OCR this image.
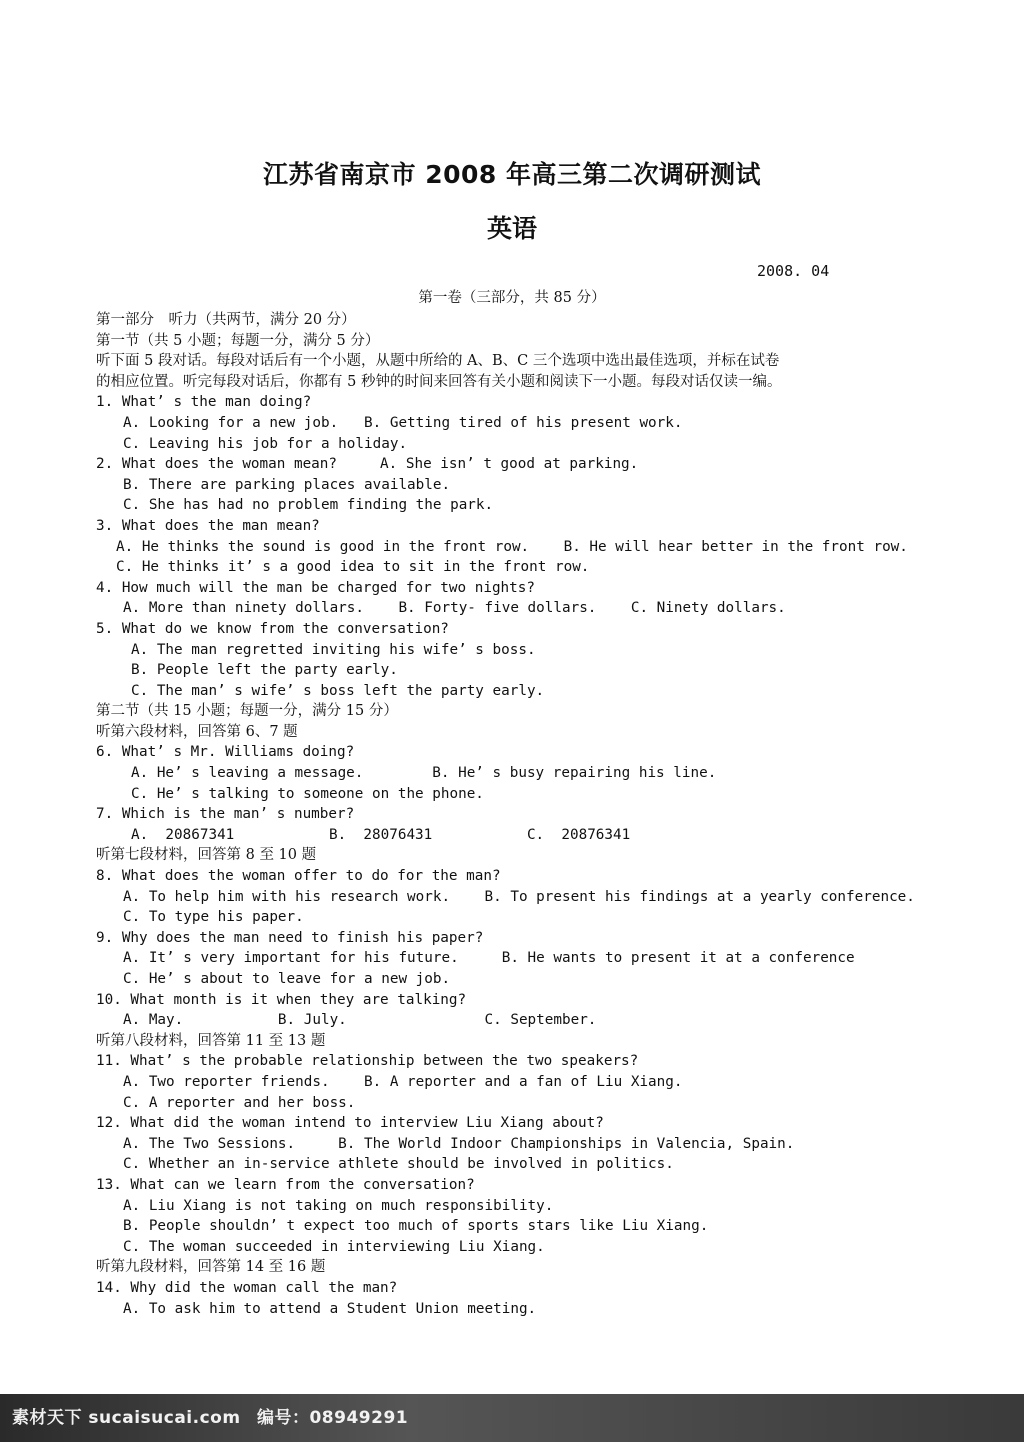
江苏省南京市 2008 年高三第二次调研测试
英语
2008. 04
第一卷（三部分，共 85 分）
第一部分　听力（共两节，满分 20 分）
第一节（共 5 小题；每题一分，满分 5 分）
听下面 5 段对话。每段对话后有一个小题，从题中所给的 A、B、C 三个选项中选出最佳选项，并标在试卷
的相应位置。听完每段对话后，你都有 5 秒钟的时间来回答有关小题和阅读下一小题。每段对话仅读一编。
1. What’ s the man doing?
A. Looking for a new job.   B. Getting tired of his present work.
C. Leaving his job for a holiday.
2. What does the woman mean?     A. She isn’ t good at parking.
B. There are parking places available.
C. She has had no problem finding the park.
3. What does the man mean?
A. He thinks the sound is good in the front row.    B. He will hear better in the front row.
C. He thinks it’ s a good idea to sit in the front row.
4. How much will the man be charged for two nights?
A. More than ninety dollars.    B. Forty- five dollars.    C. Ninety dollars.
5. What do we know from the conversation?
A. The man regretted inviting his wife’ s boss.
B. People left the party early.
C. The man’ s wife’ s boss left the party early.
第二节（共 15 小题；每题一分，满分 15 分）
听第六段材料，回答第 6、7 题
6. What’ s Mr. Williams doing?
A. He’ s leaving a message.        B. He’ s busy repairing his line.
C. He’ s talking to someone on the phone.
7. Which is the man’ s number?
A.  20867341           B.  28076431           C.  20876341
听第七段材料，回答第 8 至 10 题
8. What does the woman offer to do for the man?
A. To help him with his research work.    B. To present his findings at a yearly conference.
C. To type his paper.
9. Why does the man need to finish his paper?
A. It’ s very important for his future.     B. He wants to present it at a conference
C. He’ s about to leave for a new job.
10. What month is it when they are talking?
A. May.           B. July.                C. September.
听第八段材料，回答第 11 至 13 题
11. What’ s the probable relationship between the two speakers?
A. Two reporter friends.    B. A reporter and a fan of Liu Xiang.
C. A reporter and her boss.
12. What did the woman intend to interview Liu Xiang about?
A. The Two Sessions.     B. The World Indoor Championships in Valencia, Spain.
C. Whether an in-service athlete should be involved in politics.
13. What can we learn from the conversation?
A. Liu Xiang is not taking on much responsibility.
B. People shouldn’ t expect too much of sports stars like Liu Xiang.
C. The woman succeeded in interviewing Liu Xiang.
听第九段材料，回答第 14 至 16 题
14. Why did the woman call the man?
A. To ask him to attend a Student Union meeting.
素材天下 sucaisucai.com 编号：08949291
